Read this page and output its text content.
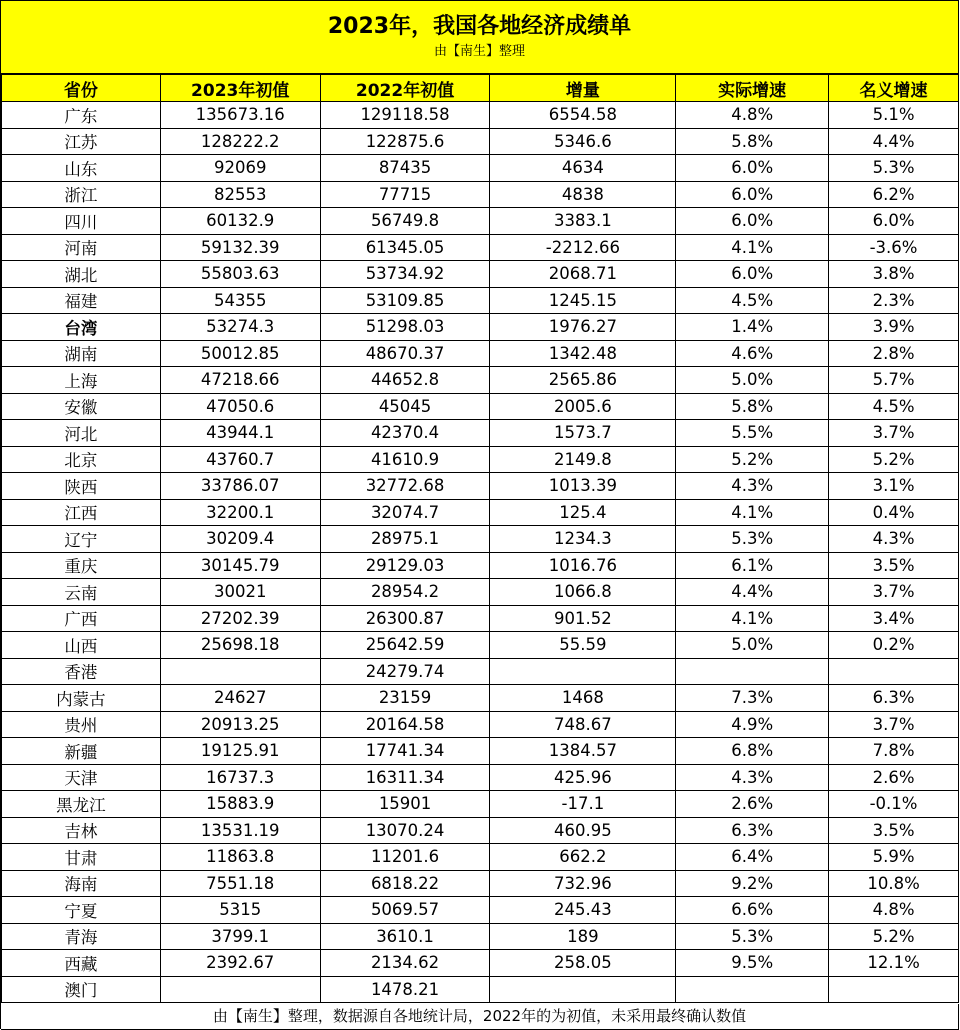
2023年，我国各地经济成绩单
由【南生】整理
省份	2023年初值	2022年初值	增量	实际增速	名义增速
广东	135673.16	129118.58	6554.58	4.8%	5.1%
江苏	128222.2	122875.6	5346.6	5.8%	4.4%
山东	92069	87435	4634	6.0%	5.3%
浙江	82553	77715	4838	6.0%	6.2%
四川	60132.9	56749.8	3383.1	6.0%	6.0%
河南	59132.39	61345.05	-2212.66	4.1%	-3.6%
湖北	55803.63	53734.92	2068.71	6.0%	3.8%
福建	54355	53109.85	1245.15	4.5%	2.3%
台湾	53274.3	51298.03	1976.27	1.4%	3.9%
湖南	50012.85	48670.37	1342.48	4.6%	2.8%
上海	47218.66	44652.8	2565.86	5.0%	5.7%
安徽	47050.6	45045	2005.6	5.8%	4.5%
河北	43944.1	42370.4	1573.7	5.5%	3.7%
北京	43760.7	41610.9	2149.8	5.2%	5.2%
陕西	33786.07	32772.68	1013.39	4.3%	3.1%
江西	32200.1	32074.7	125.4	4.1%	0.4%
辽宁	30209.4	28975.1	1234.3	5.3%	4.3%
重庆	30145.79	29129.03	1016.76	6.1%	3.5%
云南	30021	28954.2	1066.8	4.4%	3.7%
广西	27202.39	26300.87	901.52	4.1%	3.4%
山西	25698.18	25642.59	55.59	5.0%	0.2%
香港		24279.74			
内蒙古	24627	23159	1468	7.3%	6.3%
贵州	20913.25	20164.58	748.67	4.9%	3.7%
新疆	19125.91	17741.34	1384.57	6.8%	7.8%
天津	16737.3	16311.34	425.96	4.3%	2.6%
黑龙江	15883.9	15901	-17.1	2.6%	-0.1%
吉林	13531.19	13070.24	460.95	6.3%	3.5%
甘肃	11863.8	11201.6	662.2	6.4%	5.9%
海南	7551.18	6818.22	732.96	9.2%	10.8%
宁夏	5315	5069.57	245.43	6.6%	4.8%
青海	3799.1	3610.1	189	5.3%	5.2%
西藏	2392.67	2134.62	258.05	9.5%	12.1%
澳门		1478.21			
由【南生】整理，数据源自各地统计局，2022年的为初值，未采用最终确认数值
